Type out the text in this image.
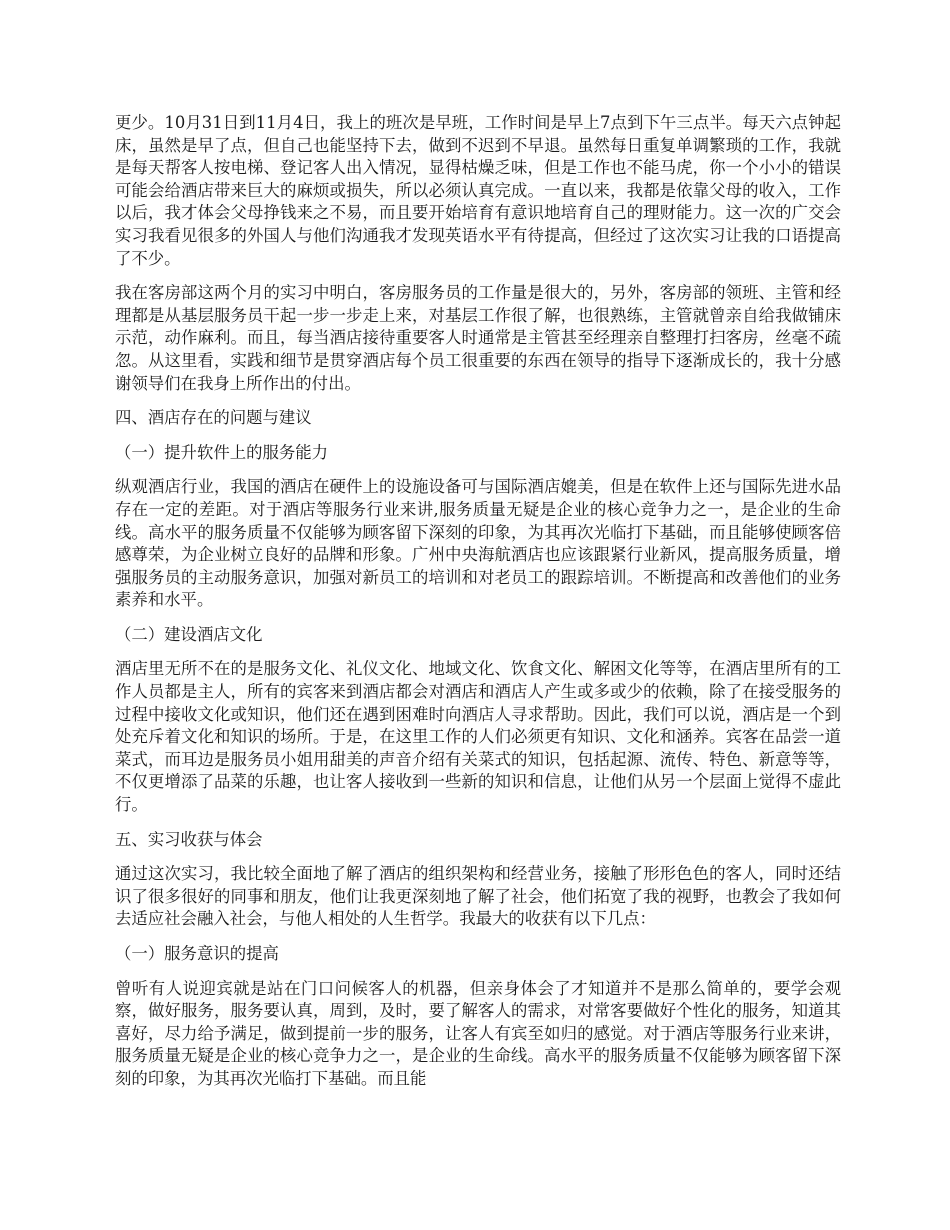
更少。10月31日到11月4日，我上的班次是早班，工作时间是早上7点到下午三点半。每天六点钟起床，虽然是早了点，但自己也能坚持下去，做到不迟到不早退。虽然每日重复单调繁琐的工作，我就是每天帮客人按电梯、登记客人出入情况，显得枯燥乏味，但是工作也不能马虎，你一个小小的错误可能会给酒店带来巨大的麻烦或损失，所以必须认真完成。一直以来，我都是依靠父母的收入，工作以后，我才体会父母挣钱来之不易，而且要开始培育有意识地培育自己的理财能力。这一次的广交会实习我看见很多的外国人与他们沟通我才发现英语水平有待提高，但经过了这次实习让我的口语提高了不少。

我在客房部这两个月的实习中明白，客房服务员的工作量是很大的，另外，客房部的领班、主管和经理都是从基层服务员干起一步一步走上来，对基层工作很了解，也很熟练，主管就曾亲自给我做铺床示范，动作麻利。而且，每当酒店接待重要客人时通常是主管甚至经理亲自整理打扫客房，丝毫不疏忽。从这里看，实践和细节是贯穿酒店每个员工很重要的东西在领导的指导下逐渐成长的，我十分感谢领导们在我身上所作出的付出。

四、酒店存在的问题与建议

（一）提升软件上的服务能力

纵观酒店行业，我国的酒店在硬件上的设施设备可与国际酒店媲美，但是在软件上还与国际先进水品存在一定的差距。对于酒店等服务行业来讲,服务质量无疑是企业的核心竞争力之一，是企业的生命线。高水平的服务质量不仅能够为顾客留下深刻的印象，为其再次光临打下基础，而且能够使顾客倍感尊荣，为企业树立良好的品牌和形象。广州中央海航酒店也应该跟紧行业新风，提高服务质量，增强服务员的主动服务意识，加强对新员工的培训和对老员工的跟踪培训。不断提高和改善他们的业务素养和水平。

（二）建设酒店文化

酒店里无所不在的是服务文化、礼仪文化、地域文化、饮食文化、解困文化等等，在酒店里所有的工作人员都是主人，所有的宾客来到酒店都会对酒店和酒店人产生或多或少的依赖，除了在接受服务的过程中接收文化或知识，他们还在遇到困难时向酒店人寻求帮助。因此，我们可以说，酒店是一个到处充斥着文化和知识的场所。于是，在这里工作的人们必须更有知识、文化和涵养。宾客在品尝一道菜式，而耳边是服务员小姐用甜美的声音介绍有关菜式的知识，包括起源、流传、特色、新意等等，不仅更增添了品菜的乐趣，也让客人接收到一些新的知识和信息，让他们从另一个层面上觉得不虚此行。

五、实习收获与体会

通过这次实习，我比较全面地了解了酒店的组织架构和经营业务，接触了形形色色的客人，同时还结识了很多很好的同事和朋友，他们让我更深刻地了解了社会，他们拓宽了我的视野，也教会了我如何去适应社会融入社会，与他人相处的人生哲学。我最大的收获有以下几点：

（一）服务意识的提高

曾听有人说迎宾就是站在门口问候客人的机器，但亲身体会了才知道并不是那么简单的，要学会观察，做好服务，服务要认真，周到，及时，要了解客人的需求，对常客要做好个性化的服务，知道其喜好，尽力给予满足，做到提前一步的服务，让客人有宾至如归的感觉。对于酒店等服务行业来讲，服务质量无疑是企业的核心竞争力之一，是企业的生命线。高水平的服务质量不仅能够为顾客留下深刻的印象，为其再次光临打下基础。而且能
